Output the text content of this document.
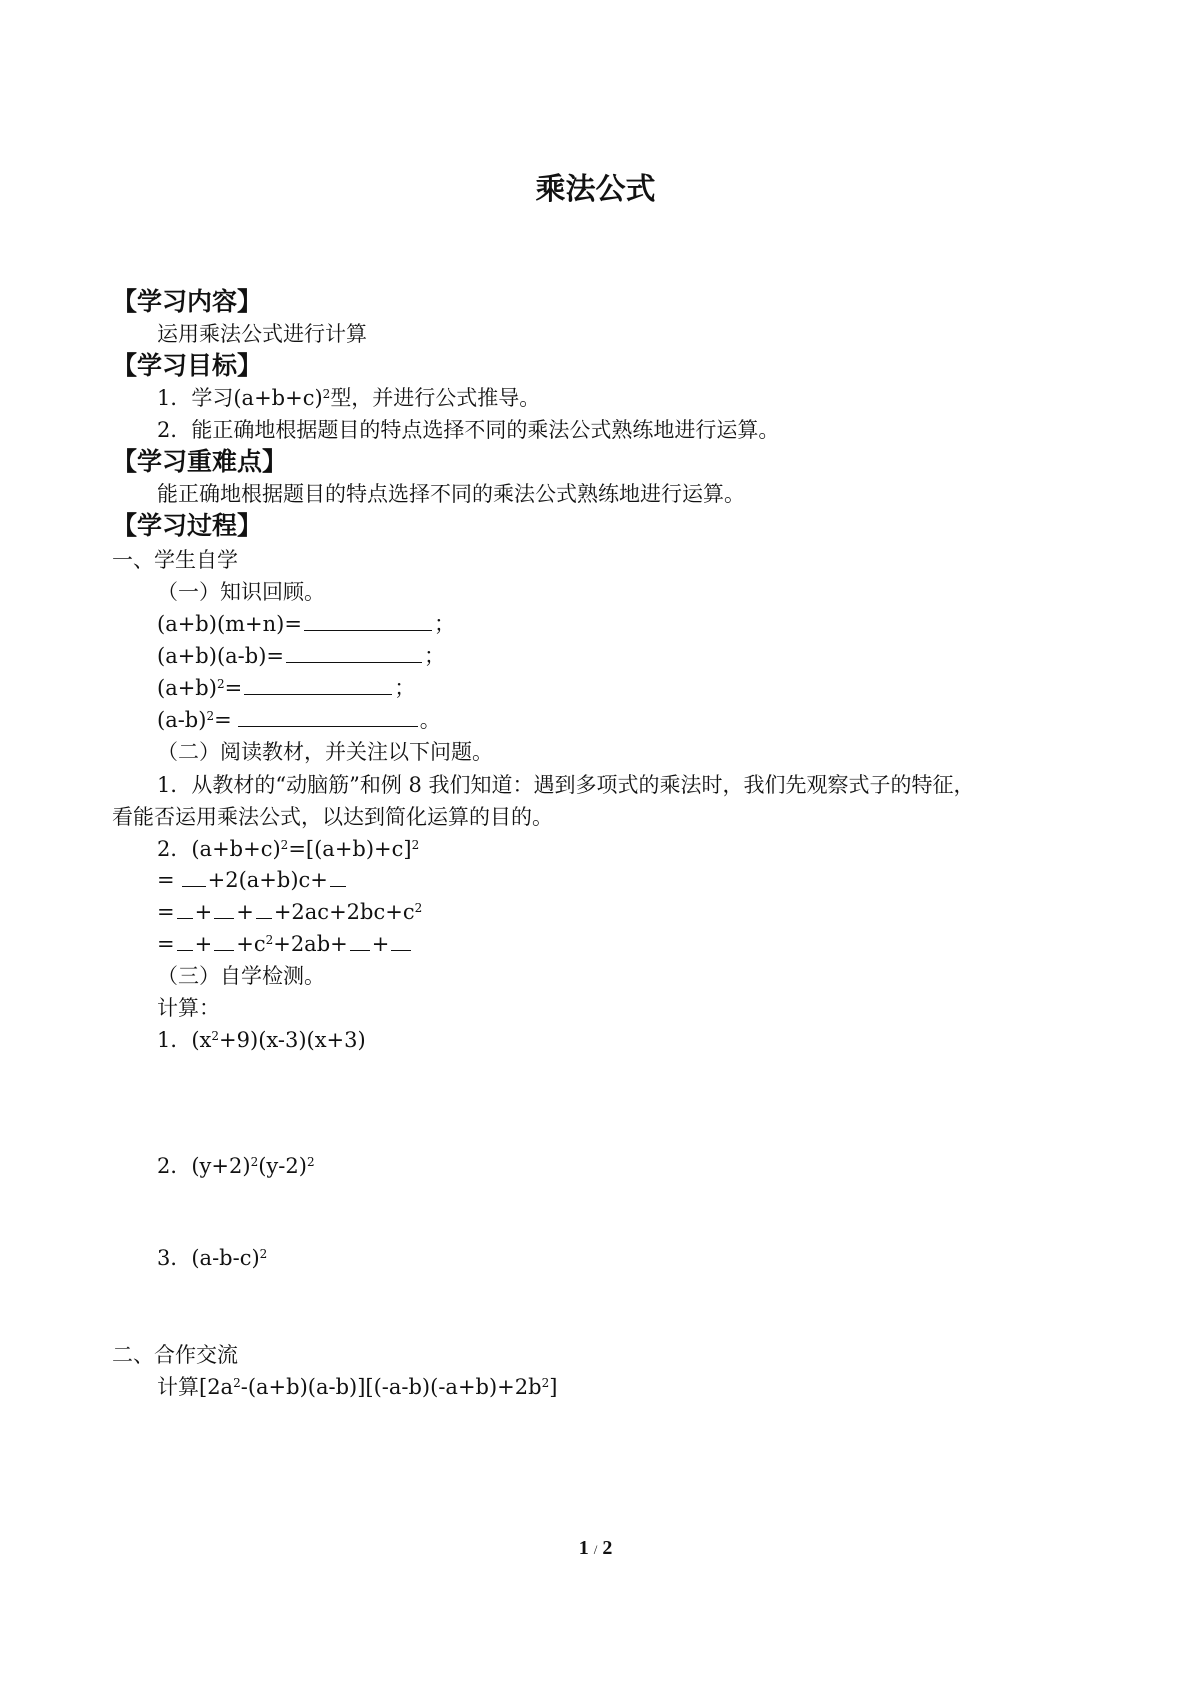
乘法公式
【学习内容】
运用乘法公式进行计算
【学习目标】
1．学习$(a+b+c)^2$型，并进行公式推导。
2．能正确地根据题目的特点选择不同的乘法公式熟练地进行运算。
【学习重难点】
能正确地根据题目的特点选择不同的乘法公式熟练地进行运算。
【学习过程】
一、学生自学
（一）知识回顾。
(a+b)(m+n)=	；
(a+b)(a-b)=	；
$(a+b)^2=$	；
$(a-b)^2=$	。
（二）阅读教材，并关注以下问题。
1．从教材的“动脑筋”和例 8 我们知道：遇到多项式的乘法时，我们先观察式子的特征，
看能否运用乘法公式，以达到简化运算的目的。
2．$(a+b+c)^2=[(a+b)+c]^2$
= +2(a+b)c+
= + + $+2ac+2bc+c^2$
= + $+c^2+2ab+$ +
（三）自学检测。
计算：
1．$(x^2+9)(x-3)(x+3)$
2．$(y+2)^2(y-2)^2$
3．$(a-b-c)^2$
二、合作交流
计算$[2a^2-(a+b)(a-b)][(-a-b)(-a+b)+2b^2]$
1 / 2
